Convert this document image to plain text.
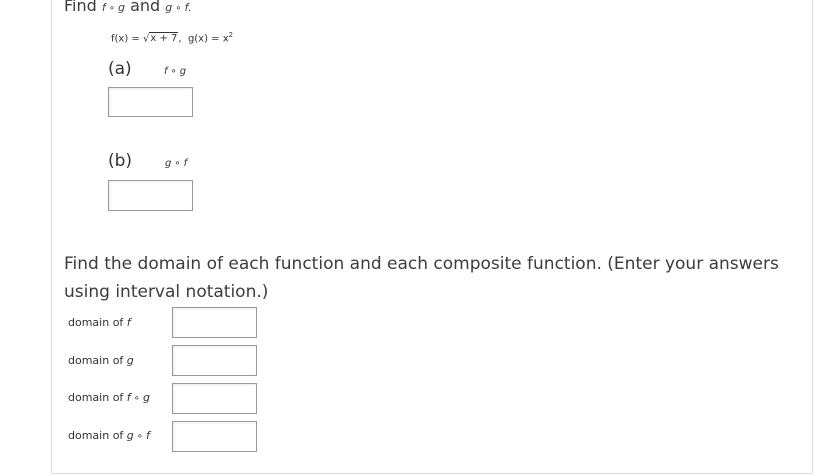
Find f ∘ g and g ∘ f.
f(x) = √x + 7, $g(x) = x^2$
(a)	f ∘ g
(b)	g ∘ f
Find the domain of each function and each composite function. (Enter your answers using interval notation.)
domain of f
domain of g
domain of f ∘ g
domain of g ∘ f
